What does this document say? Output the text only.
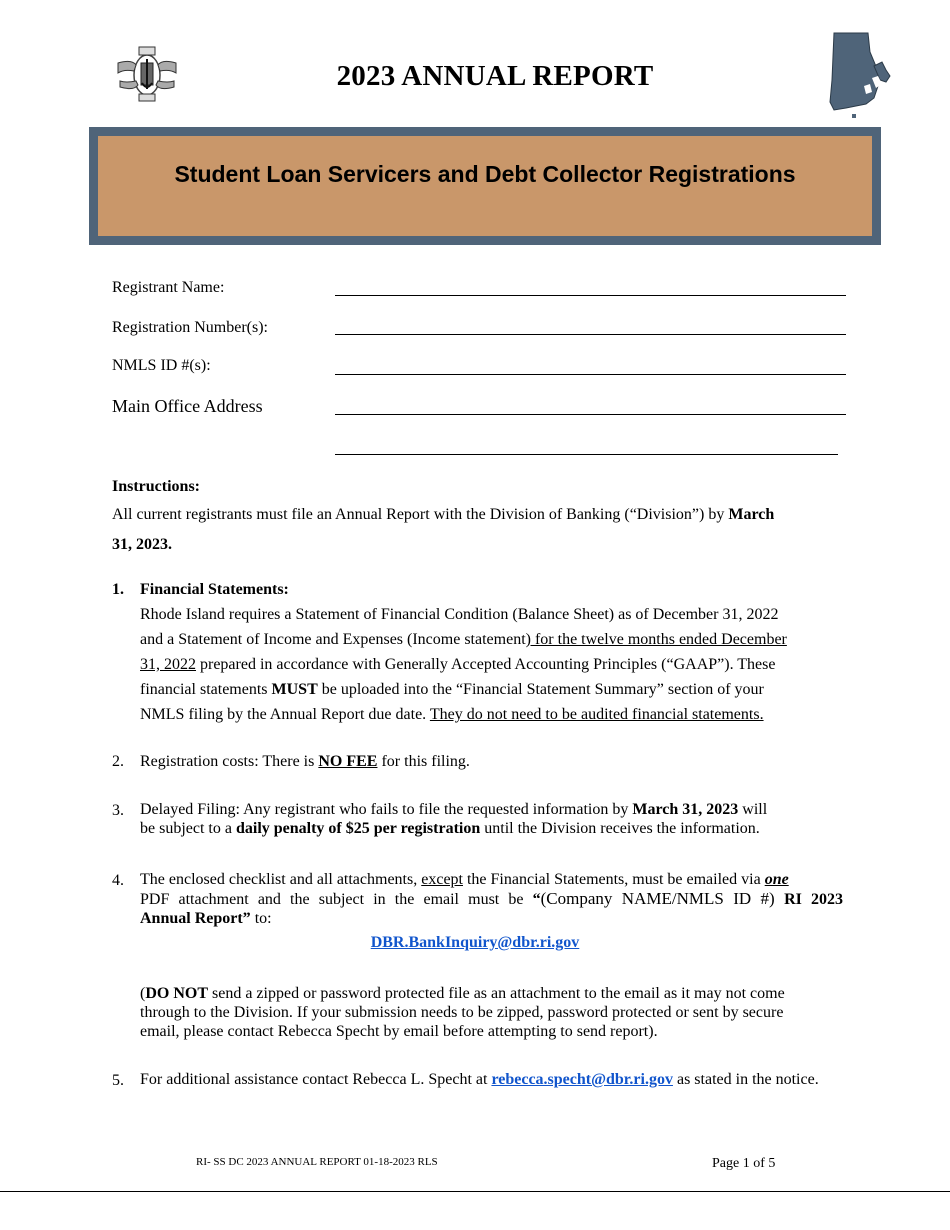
2023 ANNUAL REPORT
Student Loan Servicers and Debt Collector Registrations
Registrant Name:
Registration Number(s):
NMLS ID #(s):
Main Office Address
Instructions:
All current registrants must file an Annual Report with the Division of Banking (“Division”) by March
31, 2023.
1. Financial Statements:
Rhode Island requires a Statement of Financial Condition (Balance Sheet) as of December 31, 2022
and a Statement of Income and Expenses (Income statement) for the twelve months ended December
31, 2022 prepared in accordance with Generally Accepted Accounting Principles (“GAAP”). These
financial statements MUST be uploaded into the “Financial Statement Summary” section of your
NMLS filing by the Annual Report due date. They do not need to be audited financial statements.
2. Registration costs: There is NO FEE for this filing.
3. Delayed Filing: Any registrant who fails to file the requested information by March 31, 2023 will
be subject to a daily penalty of $25 per registration until the Division receives the information.
4. The enclosed checklist and all attachments, except the Financial Statements, must be emailed via one
PDF attachment and the subject in the email must be “(Company NAME/NMLS ID #) RI 2023
Annual Report” to:
DBR.BankInquiry@dbr.ri.gov
(DO NOT send a zipped or password protected file as an attachment to the email as it may not come
through to the Division. If your submission needs to be zipped, password protected or sent by secure
email, please contact Rebecca Specht by email before attempting to send report).
5. For additional assistance contact Rebecca L. Specht at rebecca.specht@dbr.ri.gov as stated in the notice.
RI- SS DC 2023 ANNUAL REPORT 01-18-2023 RLS	Page 1 of 5
